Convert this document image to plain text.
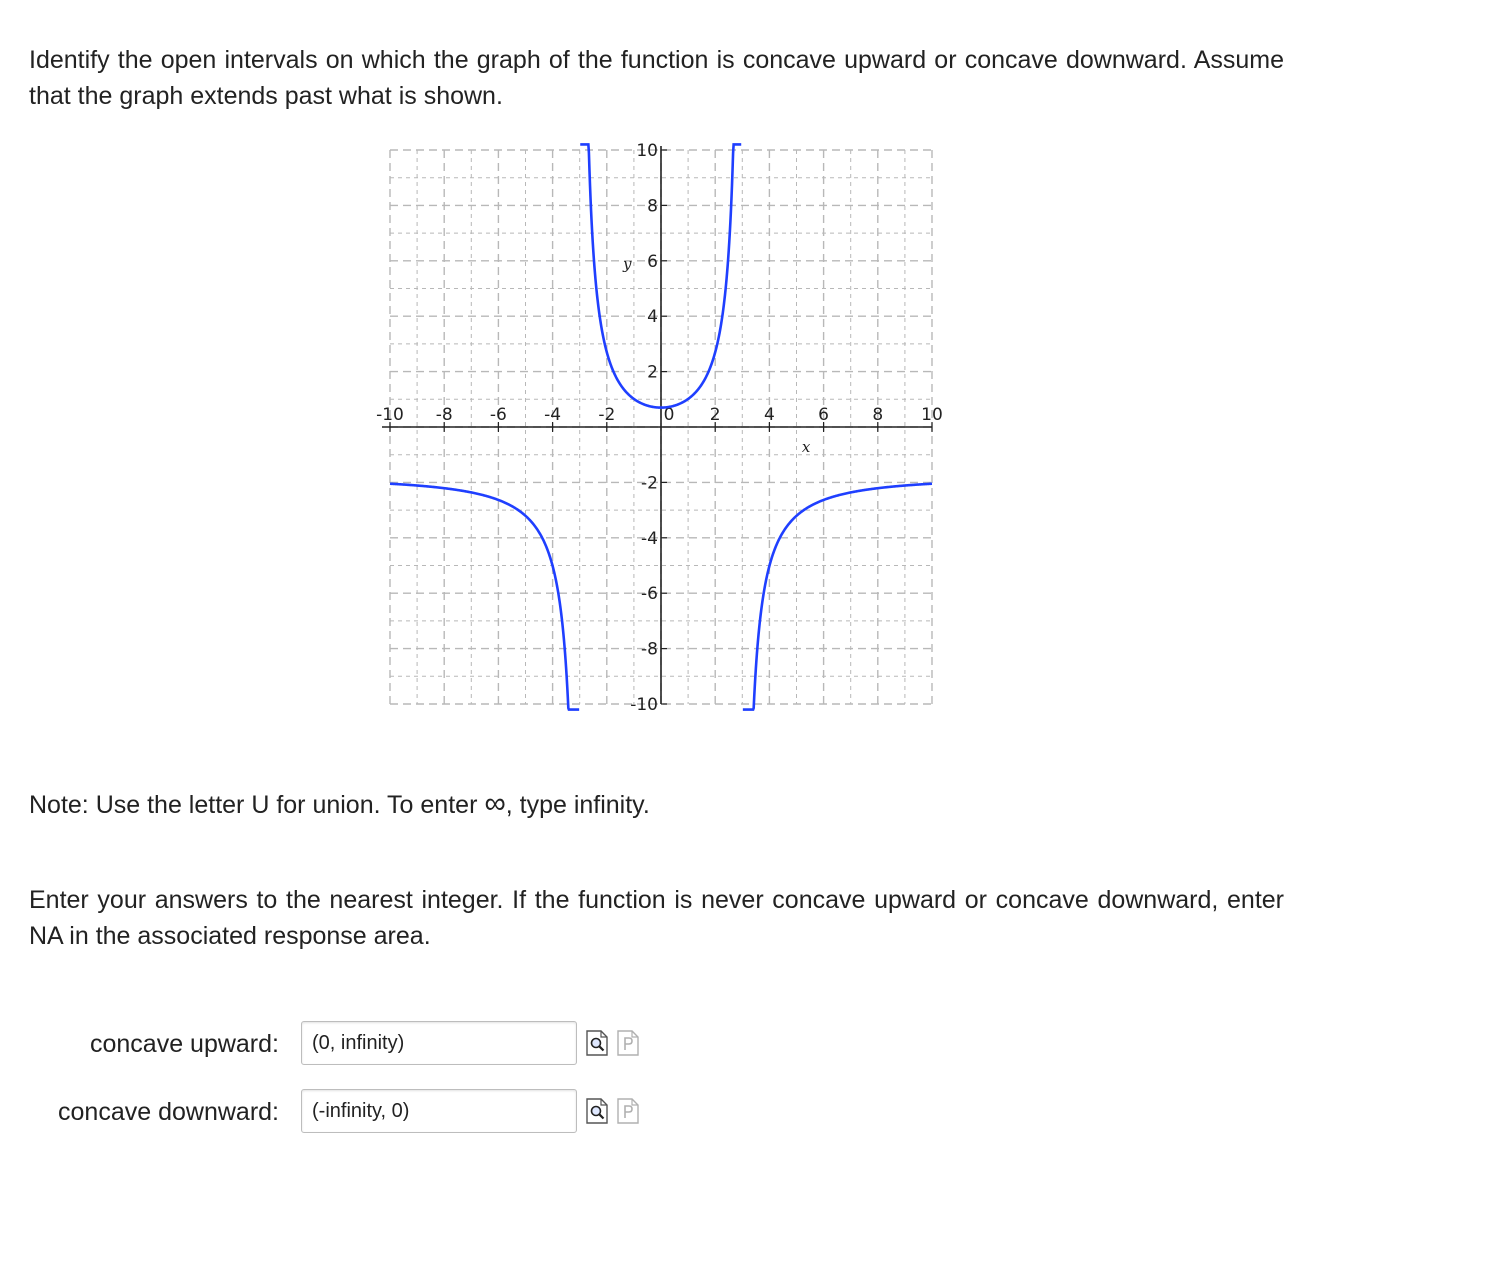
Identify the open intervals on which the graph of the function is concave upward or concave downward. Assume that the graph extends past what is shown.

-10 -8 -6 -4 -2	0 2	4	6	8 10
10
8
6
4
2
-2
-4
-6
-8
-10
y
x

Note: Use the letter U for union. To enter ∞, type infinity.

Enter your answers to the nearest integer. If the function is never concave upward or concave downward, enter NA in the associated response area.

concave upward:
(0, infinity)
concave downward:
(-infinity, 0)
